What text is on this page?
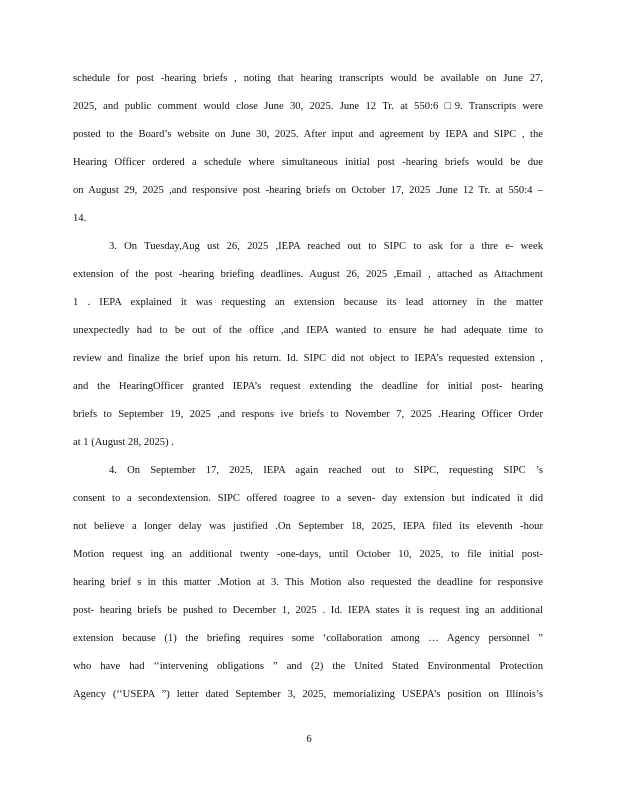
schedule for post -hearing briefs , noting that hearing transcripts would be available on June 27,
2025, and public comment would close June 30, 2025. June 12 Tr. at 550:6 □9. Transcripts were
posted to the Board’s website on June 30, 2025. After input and agreement by IEPA and SIPC , the
Hearing Officer ordered a schedule where simultaneous initial post -hearing briefs would be due
on August 29, 2025 ,and responsive post -hearing briefs on October 17, 2025 .June 12 Tr. at 550:4 –
14.
3. On Tuesday,Aug ust 26, 2025 ,IEPA reached out to SIPC to ask for a thre e- week
extension of the post -hearing briefing deadlines. August 26, 2025 ,Email , attached as Attachment
1 . IEPA explained it was requesting an extension because its lead attorney in the matter
unexpectedly had to be out of the office ,and IEPA wanted to ensure he had adequate time to
review and finalize the brief upon his return. Id. SIPC did not object to IEPA’s requested extension ,
and the HearingOfficer granted IEPA’s request extending the deadline for initial post- hearing
briefs to September 19, 2025 ,and respons ive briefs to November 7, 2025 .Hearing Officer Order
at 1 (August 28, 2025) .
4. On September 17, 2025, IEPA again reached out to SIPC, requesting SIPC ’s
consent to a secondextension. SIPC offered toagree to a seven- day extension but indicated it did
not believe a longer delay was justified .On September 18, 2025, IEPA filed its eleventh -hour
Motion request ing an additional twenty -one-days, until October 10, 2025, to file initial post-
hearing brief s in this matter .Motion at 3. This Motion also requested the deadline for responsive
post- hearing briefs be pushed to December 1, 2025 . Id. IEPA states it is request ing an additional
extension because (1) the briefing requires some ‘collaboration among … Agency personnel ”
who have had ‘‘intervening obligations ” and (2) the United Stated Environmental Protection
Agency (‘‘USEPA ”) letter dated September 3, 2025, memorializing USEPA’s position on Illinois’s
6
